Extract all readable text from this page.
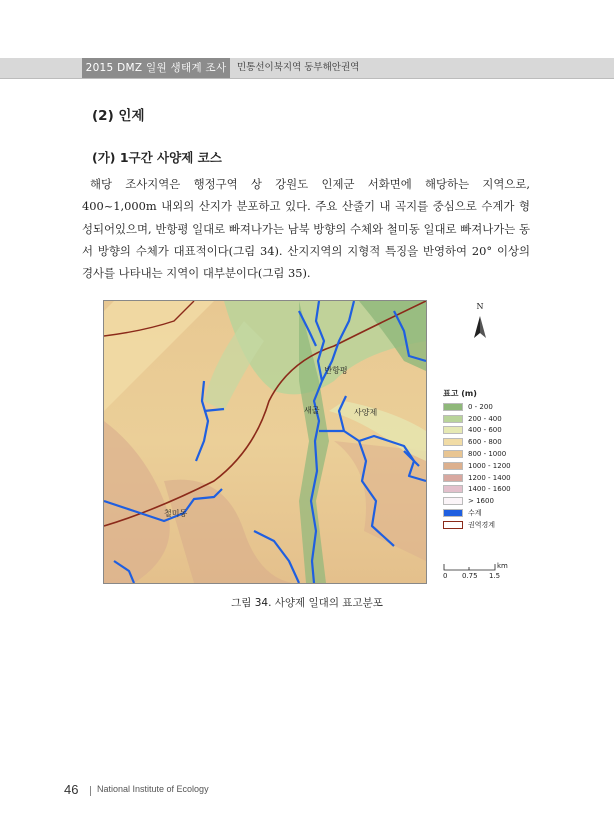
2015 DMZ 일원 생태계 조사	민통선이북지역 동부해안권역
(2) 인제
(가) 1구간 사양제 코스
해당 조사지역은 행정구역 상 강원도 인제군 서화면에 해당하는 지역으로, 400~1,000m 내외의 산지가 분포하고 있다. 주요 산줄기 내 곡지를 중심으로 수계가 형성되어있으며, 반항평 일대로 빠져나가는 남북 방향의 수체와 철미동 일대로 빠져나가는 동서 방향의 수체가 대표적이다(그림 34). 산지지역의 지형적 특징을 반영하여 20° 이상의 경사를 나타내는 지역이 대부분이다(그림 35).
반항평
새골	사양제
철미동
N
표고 (m)
0 - 200
200 - 400
400 - 600
600 - 800
800 - 1000
1000 - 1200
1200 - 1400
1400 - 1600
> 1600
수계
권역경계
km
0 0.75 1.5
그림 34. 사양제 일대의 표고분포
46 National Institute of Ecology
